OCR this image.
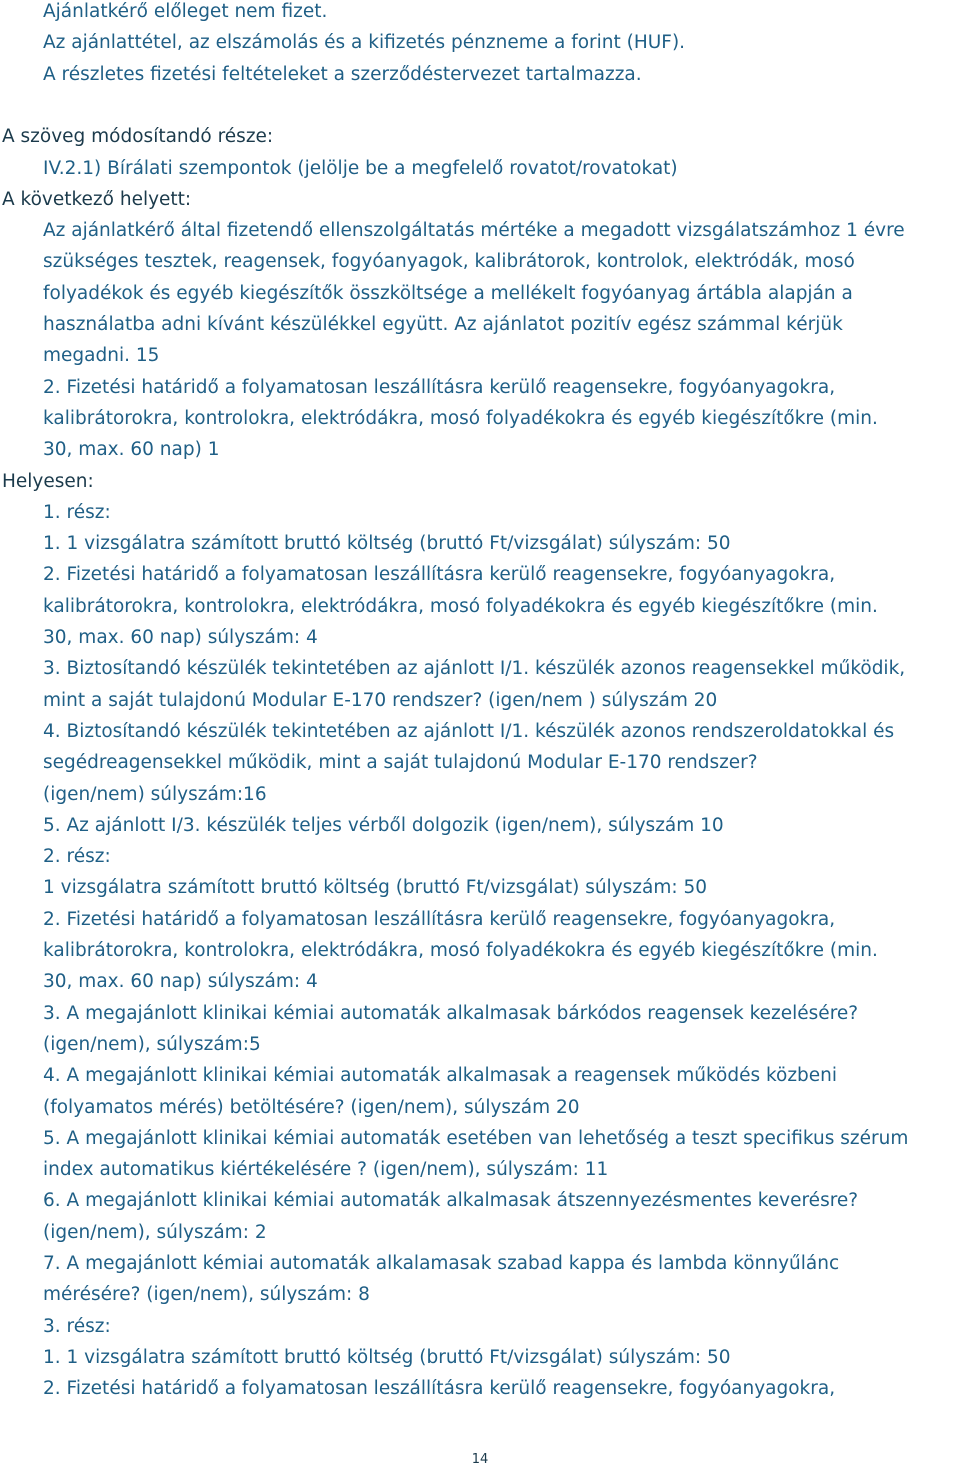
Ajánlatkérő előleget nem fizet.
Az ajánlattétel, az elszámolás és a kifizetés pénzneme a forint (HUF).
A részletes fizetési feltételeket a szerződéstervezet tartalmazza.
A szöveg módosítandó része:
IV.2.1) Bírálati szempontok (jelölje be a megfelelő rovatot/rovatokat)
A következő helyett:
Az ajánlatkérő által fizetendő ellenszolgáltatás mértéke a megadott vizsgálatszámhoz 1 évre
szükséges tesztek, reagensek, fogyóanyagok, kalibrátorok, kontrolok, elektródák, mosó
folyadékok és egyéb kiegészítők összköltsége a mellékelt fogyóanyag ártábla alapján a
használatba adni kívánt készülékkel együtt. Az ajánlatot pozitív egész számmal kérjük
megadni. 15
2. Fizetési határidő a folyamatosan leszállításra kerülő reagensekre, fogyóanyagokra,
kalibrátorokra, kontrolokra, elektródákra, mosó folyadékokra és egyéb kiegészítőkre (min.
30, max. 60 nap) 1
Helyesen:
1. rész:
1. 1 vizsgálatra számított bruttó költség (bruttó Ft/vizsgálat) súlyszám: 50
2. Fizetési határidő a folyamatosan leszállításra kerülő reagensekre, fogyóanyagokra,
kalibrátorokra, kontrolokra, elektródákra, mosó folyadékokra és egyéb kiegészítőkre (min.
30, max. 60 nap) súlyszám: 4
3. Biztosítandó készülék tekintetében az ajánlott I/1. készülék azonos reagensekkel működik,
mint a saját tulajdonú Modular E-170 rendszer? (igen/nem ) súlyszám 20
4. Biztosítandó készülék tekintetében az ajánlott I/1. készülék azonos rendszeroldatokkal és
segédreagensekkel működik, mint a saját tulajdonú Modular E-170 rendszer?
(igen/nem) súlyszám:16
5. Az ajánlott I/3. készülék teljes vérből dolgozik (igen/nem), súlyszám 10
2. rész:
1 vizsgálatra számított bruttó költség (bruttó Ft/vizsgálat) súlyszám: 50
2. Fizetési határidő a folyamatosan leszállításra kerülő reagensekre, fogyóanyagokra,
kalibrátorokra, kontrolokra, elektródákra, mosó folyadékokra és egyéb kiegészítőkre (min.
30, max. 60 nap) súlyszám: 4
3. A megajánlott klinikai kémiai automaták alkalmasak bárkódos reagensek kezelésére?
(igen/nem), súlyszám:5
4. A megajánlott klinikai kémiai automaták alkalmasak a reagensek működés közbeni
(folyamatos mérés) betöltésére? (igen/nem), súlyszám 20
5. A megajánlott klinikai kémiai automaták esetében van lehetőség a teszt specifikus szérum
index automatikus kiértékelésére ? (igen/nem), súlyszám: 11
6. A megajánlott klinikai kémiai automaták alkalmasak átszennyezésmentes keverésre?
(igen/nem), súlyszám: 2
7. A megajánlott kémiai automaták alkalamasak szabad kappa és lambda könnyűlánc
mérésére? (igen/nem), súlyszám: 8
3. rész:
1. 1 vizsgálatra számított bruttó költség (bruttó Ft/vizsgálat) súlyszám: 50
2. Fizetési határidő a folyamatosan leszállításra kerülő reagensekre, fogyóanyagokra,
14
